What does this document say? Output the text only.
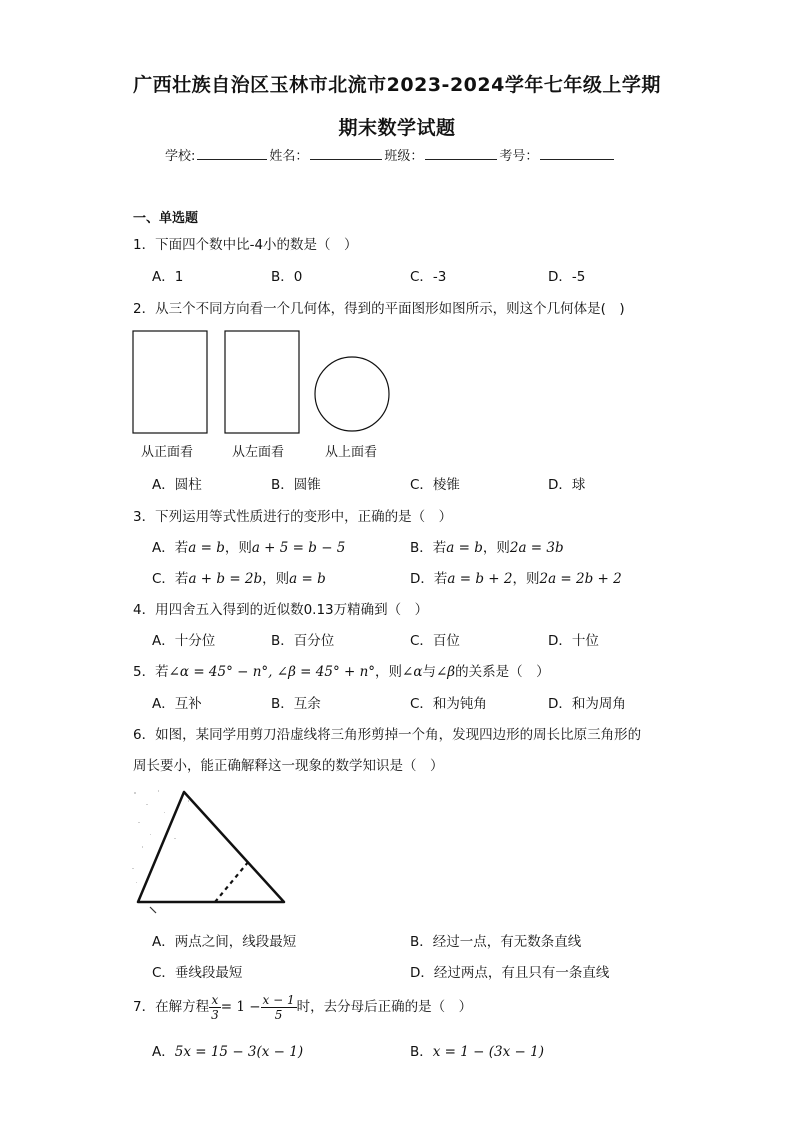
广西壮族自治区玉林市北流市2023-2024学年七年级上学期
期末数学试题
学校:	姓名：	班级：	考号：
一、单选题
1．下面四个数中比-4小的数是（　）
A．1	B．0	C．-3	D．-5
2．从三个不同方向看一个几何体，得到的平面图形如图所示，则这个几何体是(　)
从正面看	从左面看	从上面看
A．圆柱	B．圆锥	C．棱锥	D．球
3．下列运用等式性质进行的变形中，正确的是（　）
A．若a = b，则a + 5 = b − 5	B．若a = b，则2a = 3b
C．若a + b = 2b，则a = b	D．若a = b + 2，则2a = 2b + 2
4．用四舍五入得到的近似数0.13万精确到（　）
A．十分位	B．百分位	C．百位	D．十位
5．若∠α = 45° − n°, ∠β = 45° + n°，则∠α与∠β的关系是（　）
A．互补	B．互余	C．和为钝角	D．和为周角
6．如图，某同学用剪刀沿虚线将三角形剪掉一个角，发现四边形的周长比原三角形的
周长要小，能正确解释这一现象的数学知识是（　）
A．两点之间，线段最短	B．经过一点，有无数条直线
C．垂线段最短	D．经过两点，有且只有一条直线
7．在解方程 $\frac{x}{3} = 1 - \frac{x - 1}{5}$ 时，去分母后正确的是（　）
A．5x = 15 − 3(x − 1)	B．x = 1 − (3x − 1)
